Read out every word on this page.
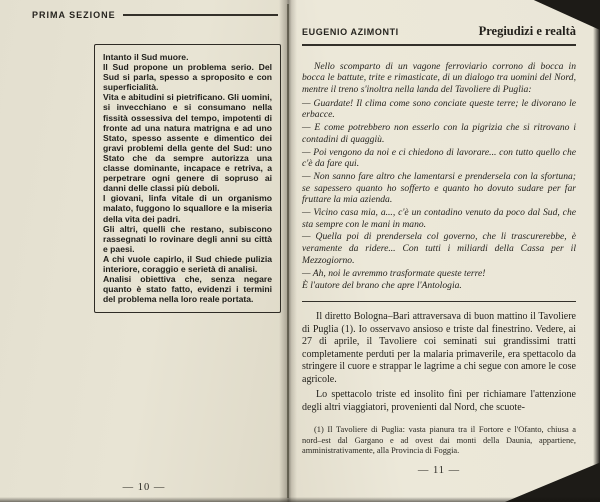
PRIMA SEZIONE

Intanto il Sud muore.

Il Sud propone un problema serio. Del Sud si parla, spesso a sproposito e con superficialità.

Vita e abitudini si pietrificano. Gli uomini, si invecchiano e si consumano nella fissità ossessiva del tempo, impotenti di fronte ad una natura matrigna e ad uno Stato, spesso assente e dimentico dei gravi problemi della gente del Sud: uno Stato che da sempre autorizza una classe dominante, incapace e retriva, a perpetrare ogni genere di sopruso ai danni delle classi più deboli.

I giovani, linfa vitale di un organismo malato, fuggono lo squallore e la miseria della vita dei padri.

Gli altri, quelli che restano, subiscono rassegnati lo rovinare degli anni su città e paesi.

A chi vuole capirlo, il Sud chiede pulizia interiore, coraggio e serietà di analisi.

Analisi obiettiva che, senza negare quanto è stato fatto, evidenzi i termini del problema nella loro reale portata.

— 10 —
EUGENIO AZIMONTI	Pregiudizi e realtà

Nello scomparto di un vagone ferroviario corrono di bocca in bocca le battute, trite e rimasticate, di un dialogo tra uomini del Nord, mentre il treno s'inoltra nella landa del Tavoliere di Puglia:

— Guardate! Il clima come sono conciate queste terre; le divorano le erbacce.

— E come potrebbero non esserlo con la pigrizia che si ritrovano i contadini di quaggiù.

— Poi vengono da noi e ci chiedono di lavorare... con tutto quello che c'è da fare qui.

— Non sanno fare altro che lamentarsi e prendersela con la sfortuna; se sapessero quanto ho sofferto e quanto ho dovuto sudare per far fruttare la mia azienda.

— Vicino casa mia, a..., c'è un contadino venuto da poco dal Sud, che sta sempre con le mani in mano.

— Quella poi di prendersela col governo, che li trascurerebbe, è veramente da ridere... Con tutti i miliardi della Cassa per il Mezzogiorno.

— Ah, noi le avremmo trasformate queste terre!

È l'autore del brano che apre l'Antologia.

Il diretto Bologna–Bari attraversava di buon mattino il Tavoliere di Puglia (1). Io osservavo ansioso e triste dal finestrino. Vedere, ai 27 di aprile, il Tavoliere coi seminati sui grandissimi tratti completamente perduti per la malaria primaverile, era spettacolo da stringere il cuore e strappar le lagrime a chi segue con amore le cose agricole.

Lo spettacolo triste ed insolito finì per richiamare l'attenzione degli altri viaggiatori, provenienti dal Nord, che scuote-

(1) Il Tavoliere di Puglia: vasta pianura tra il Fortore e l'Ofanto, chiusa a nord–est dal Gargano e ad ovest dai monti della Daunia, appartiene, amministrativamente, alla Provincia di Foggia.
— 11 —
